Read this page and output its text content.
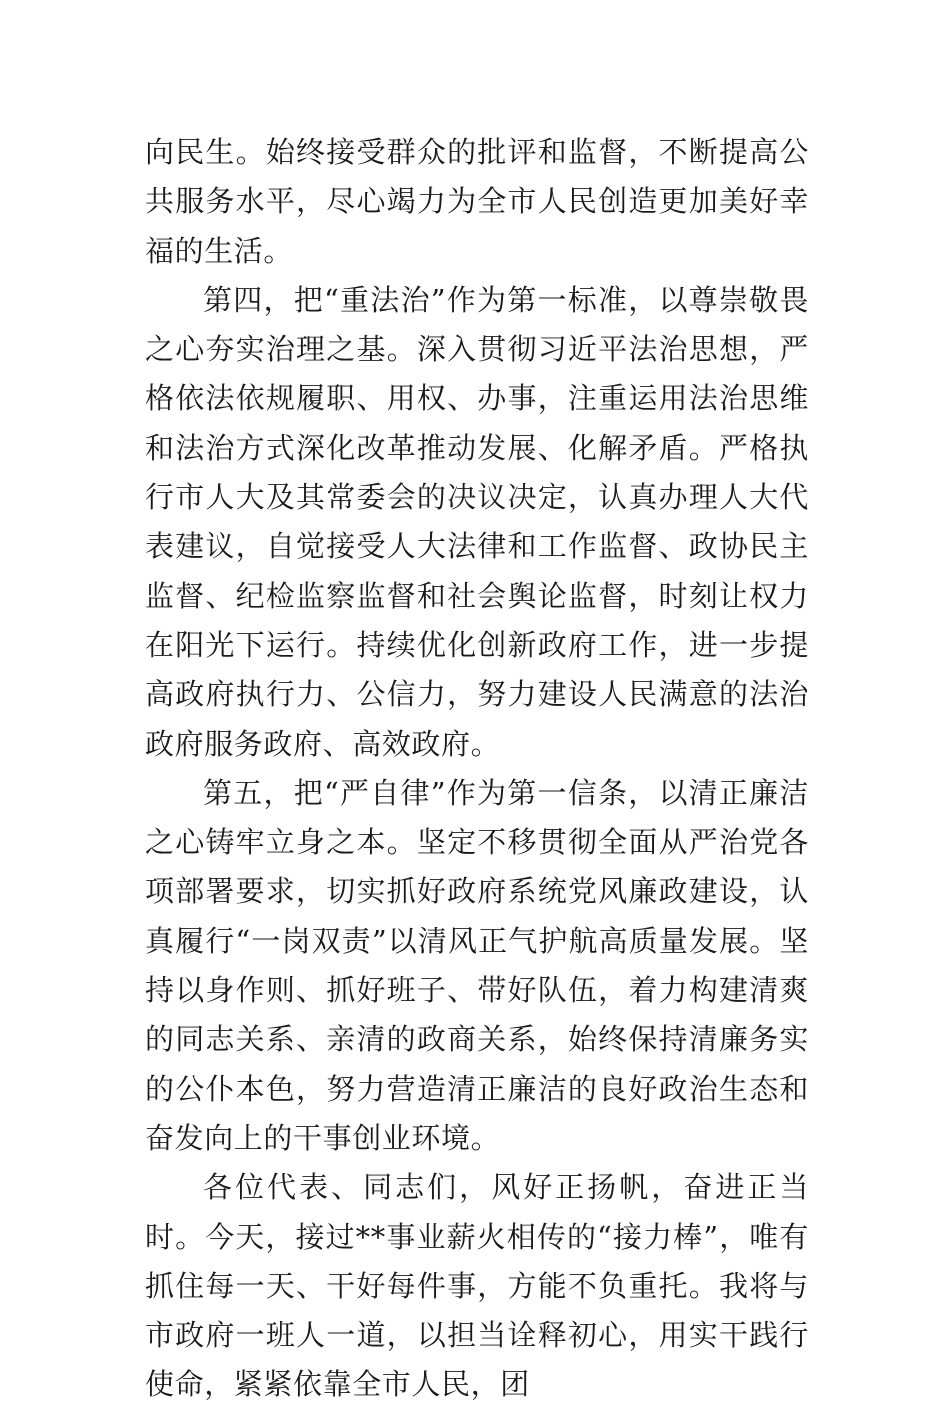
向民生。始终接受群众的批评和监督，不断提高公共服务水平，尽心竭力为全市人民创造更加美好幸福的生活。

第四，把“重法治”作为第一标准，以尊崇敬畏之心夯实治理之基。深入贯彻习近平法治思想，严格依法依规履职、用权、办事，注重运用法治思维和法治方式深化改革推动发展、化解矛盾。严格执行市人大及其常委会的决议决定，认真办理人大代表建议，自觉接受人大法律和工作监督、政协民主监督、纪检监察监督和社会舆论监督，时刻让权力在阳光下运行。持续优化创新政府工作，进一步提高政府执行力、公信力，努力建设人民满意的法治政府服务政府、高效政府。

第五，把“严自律”作为第一信条，以清正廉洁之心铸牢立身之本。坚定不移贯彻全面从严治党各项部署要求，切实抓好政府系统党风廉政建设，认真履行“一岗双责”以清风正气护航高质量发展。坚持以身作则、抓好班子、带好队伍，着力构建清爽的同志关系、亲清的政商关系，始终保持清廉务实的公仆本色，努力营造清正廉洁的良好政治生态和奋发向上的干事创业环境。

各位代表、同志们，风好正扬帆，奋进正当时。今天，接过**事业薪火相传的“接力棒”，唯有抓住每一天、干好每件事，方能不负重托。我将与市政府一班人一道，以担当诠释初心，用实干践行使命，紧紧依靠全市人民，团
